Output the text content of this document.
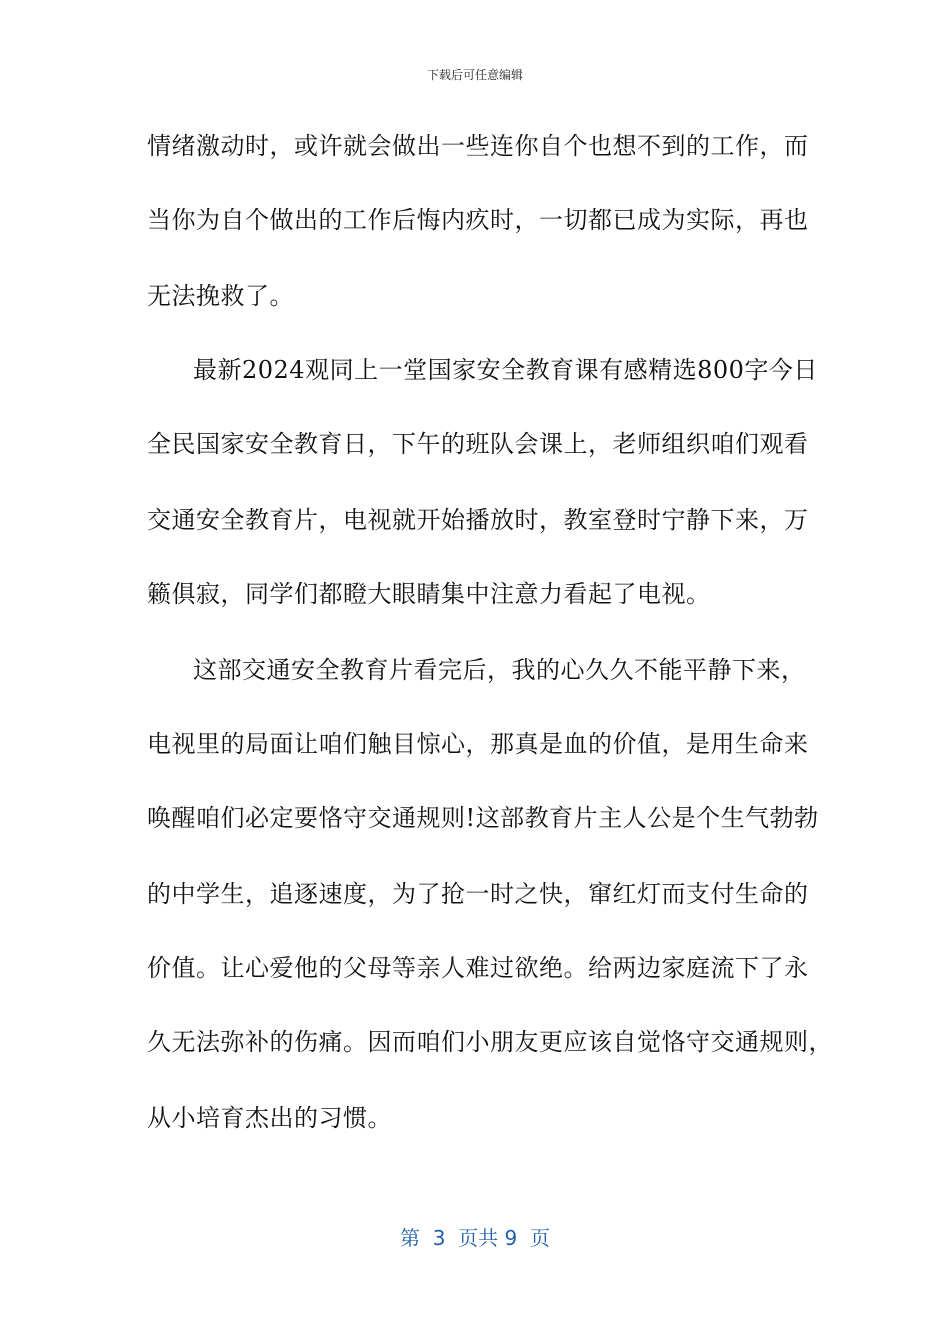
下载后可任意编辑
情绪激动时，或许就会做出一些连你自个也想不到的工作，而
当你为自个做出的工作后悔内疚时，一切都已成为实际，再也
无法挽救了。
最新2024观同上一堂国家安全教育课有感精选800字今日
全民国家安全教育日，下午的班队会课上，老师组织咱们观看
交通安全教育片，电视就开始播放时，教室登时宁静下来，万
籁俱寂，同学们都瞪大眼睛集中注意力看起了电视。
这部交通安全教育片看完后，我的心久久不能平静下来，
电视里的局面让咱们触目惊心，那真是血的价值，是用生命来
唤醒咱们必定要恪守交通规则!这部教育片主人公是个生气勃勃
的中学生，追逐速度，为了抢一时之快，窜红灯而支付生命的
价值。让心爱他的父母等亲人难过欲绝。给两边家庭流下了永
久无法弥补的伤痛。因而咱们小朋友更应该自觉恪守交通规则，
从小培育杰出的习惯。
第  3  页共 9  页
